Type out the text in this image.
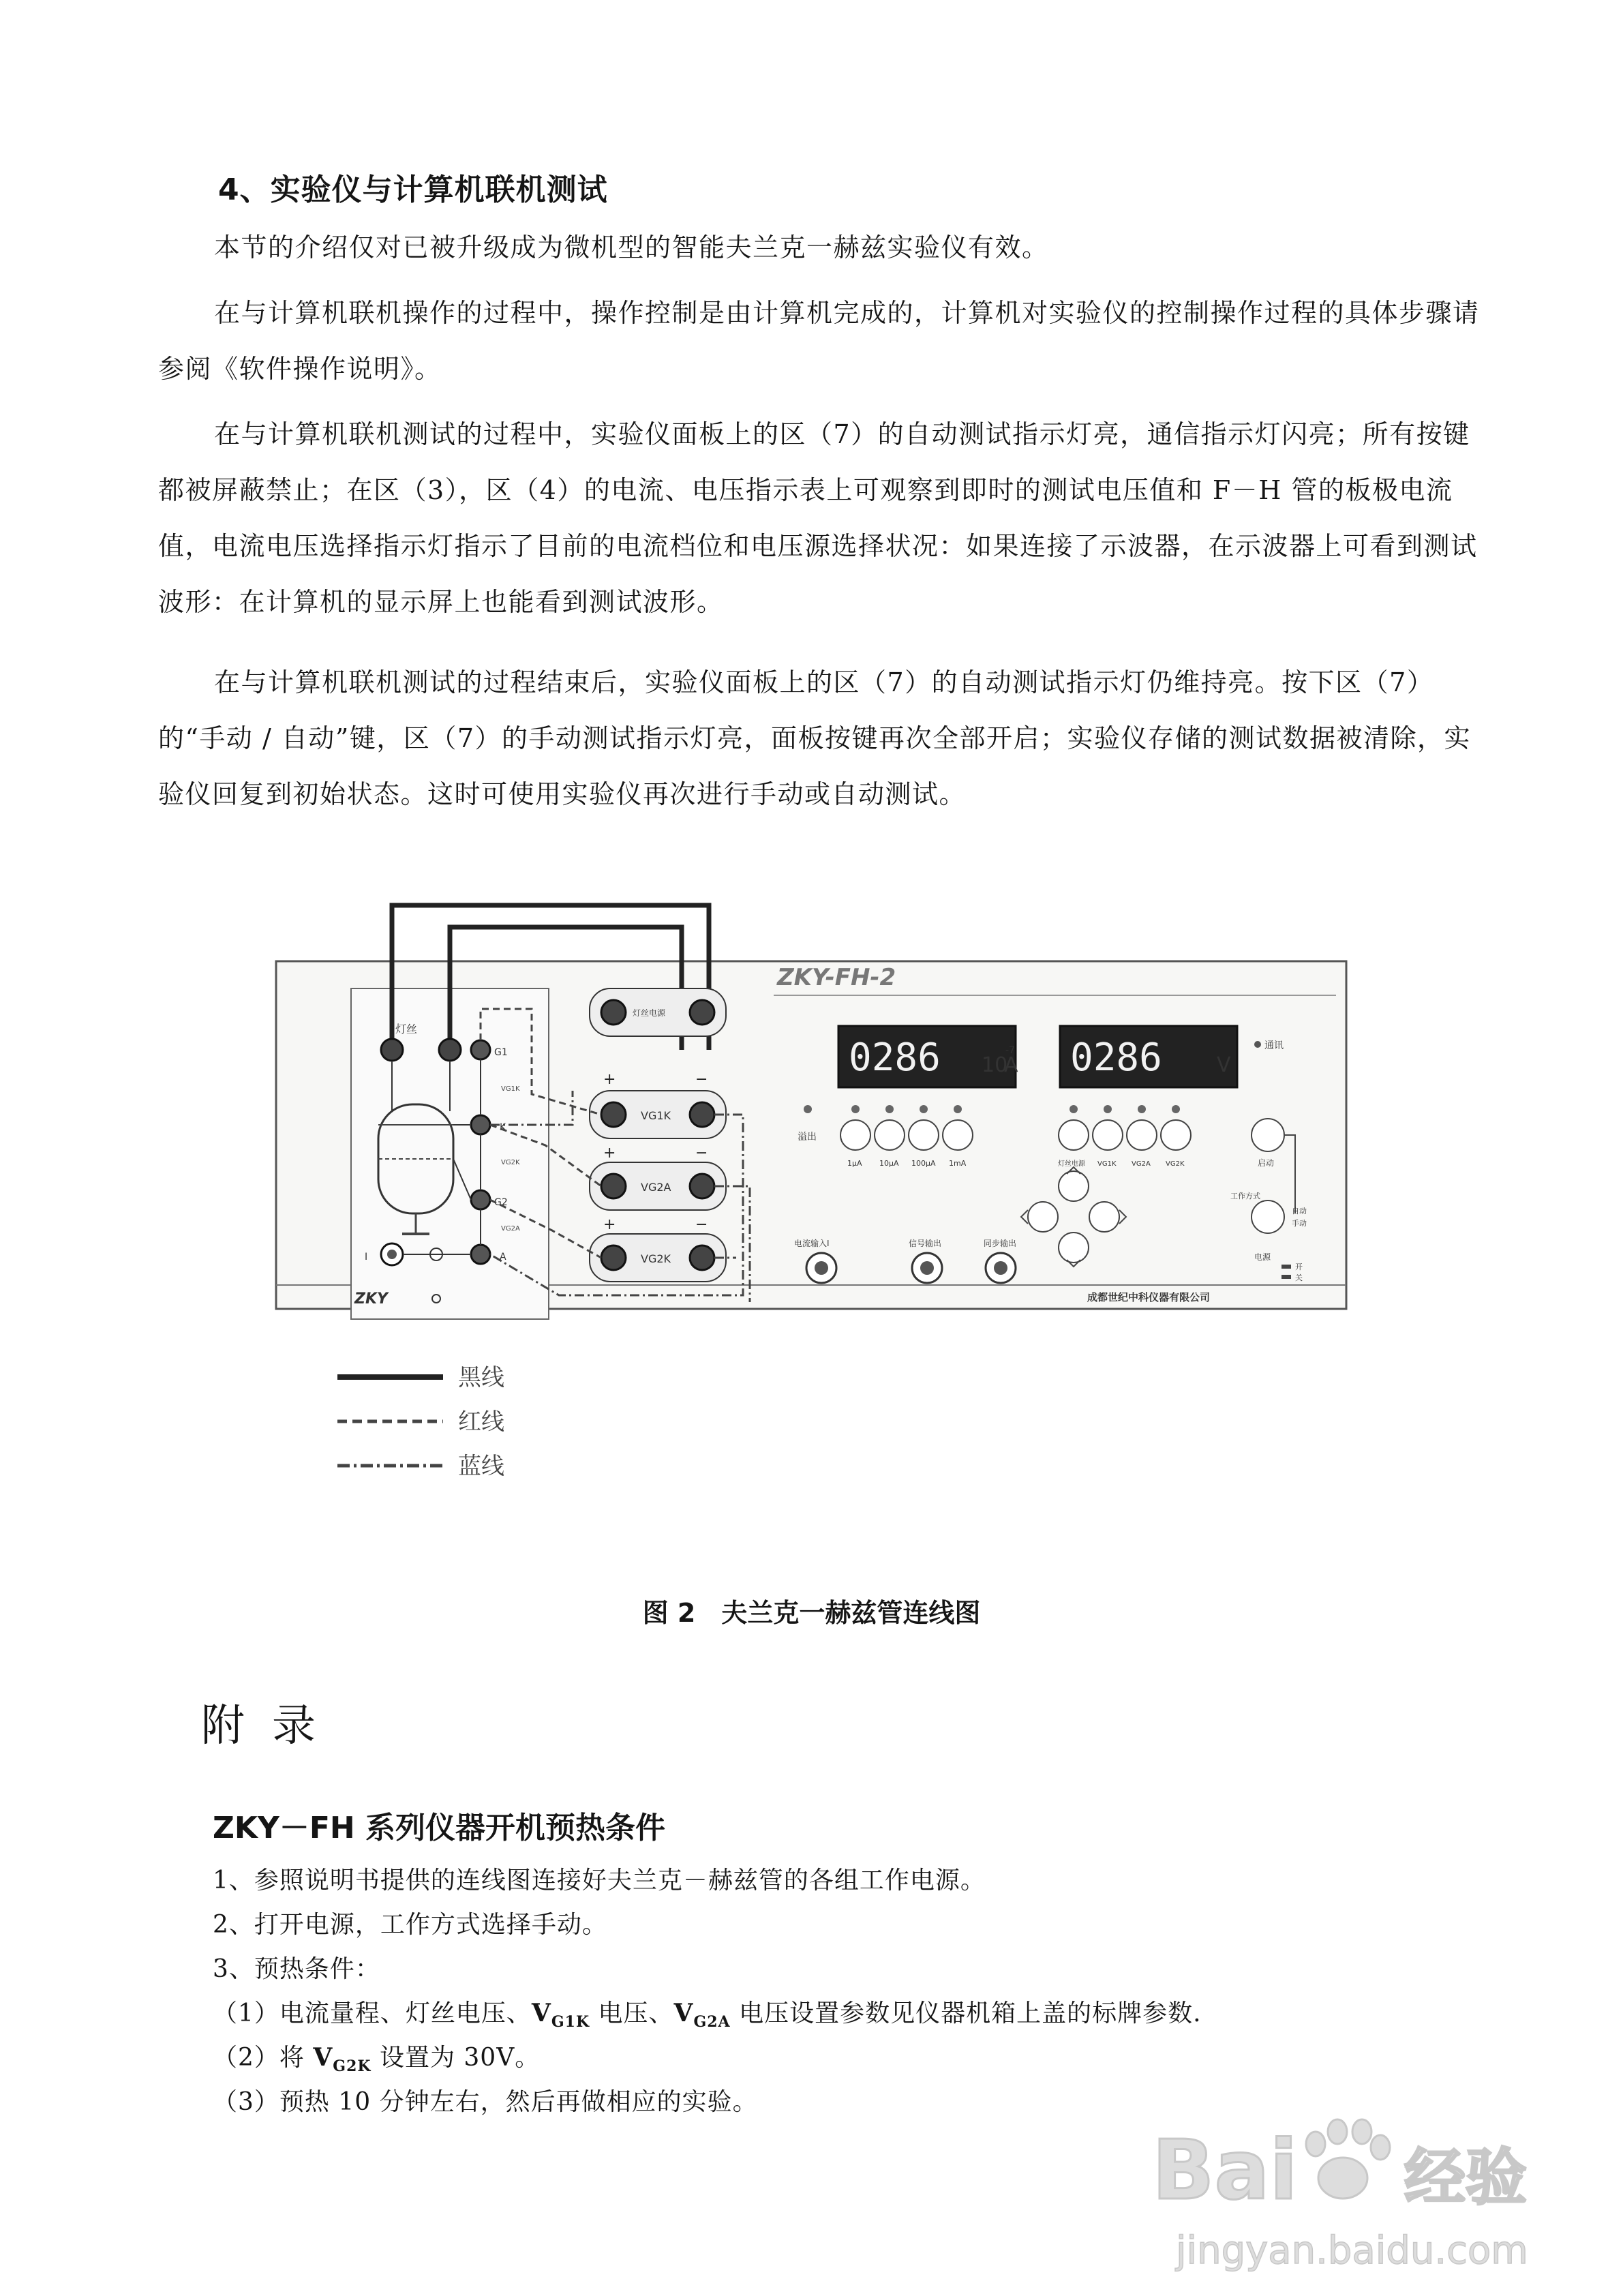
4、实验仪与计算机联机测试

本节的介绍仅对已被升级成为微机型的智能夫兰克一赫兹实验仪有效。

在与计算机联机操作的过程中，操作控制是由计算机完成的，计算机对实验仪的控制操作过程的具体步骤请参阅《软件操作说明》。

在与计算机联机测试的过程中，实验仪面板上的区（7）的自动测试指示灯亮，通信指示灯闪亮；所有按键都被屏蔽禁止；在区（3），区（4）的电流、电压指示表上可观察到即时的测试电压值和 F－H 管的板极电流值，电流电压选择指示灯指示了目前的电流档位和电压源选择状况：如果连接了示波器，在示波器上可看到测试波形：在计算机的显示屏上也能看到测试波形。

在与计算机联机测试的过程结束后，实验仪面板上的区（7）的自动测试指示灯仍维持亮。按下区（7）的“手动 / 自动”键，区（7）的手动测试指示灯亮，面板按键再次全部开启；实验仪存储的测试数据被清除，实验仪回复到初始状态。这时可使用实验仪再次进行手动或自动测试。

灯丝
G1
K
G2
A
I
VG1K
VG2K
VG2A
灯丝电源
VG1K
+	−
VG2A
+	−
VG2K
+	−
ZKY-FH-2
0286 10
-7
A 0286	V
通讯
溢出
1μA 10μA 100μA 1mA	灯丝电源 VG1K VG2A VG2K	启动
工作方式
自动
手动
电源
开
关
电流输入I	信号输出	同步输出
成都世纪中科仪器有限公司
ZKY
黑线
红线
蓝线
图 2　夫兰克一赫兹管连线图
附录
ZKY－FH 系列仪器开机预热条件

1、参照说明书提供的连线图连接好夫兰克－赫兹管的各组工作电源。

2、打开电源，工作方式选择手动。

3、预热条件：

（1）电流量程、灯丝电压、$V_{G1K}$ 电压、$V_{G2A}$ 电压设置参数见仪器机箱上盖的标牌参数.

（2）将 $V_{G2K}$ 设置为 30V。

（3）预热 10 分钟左右，然后再做相应的实验。

Bai 经验
jingyan.baidu.com
